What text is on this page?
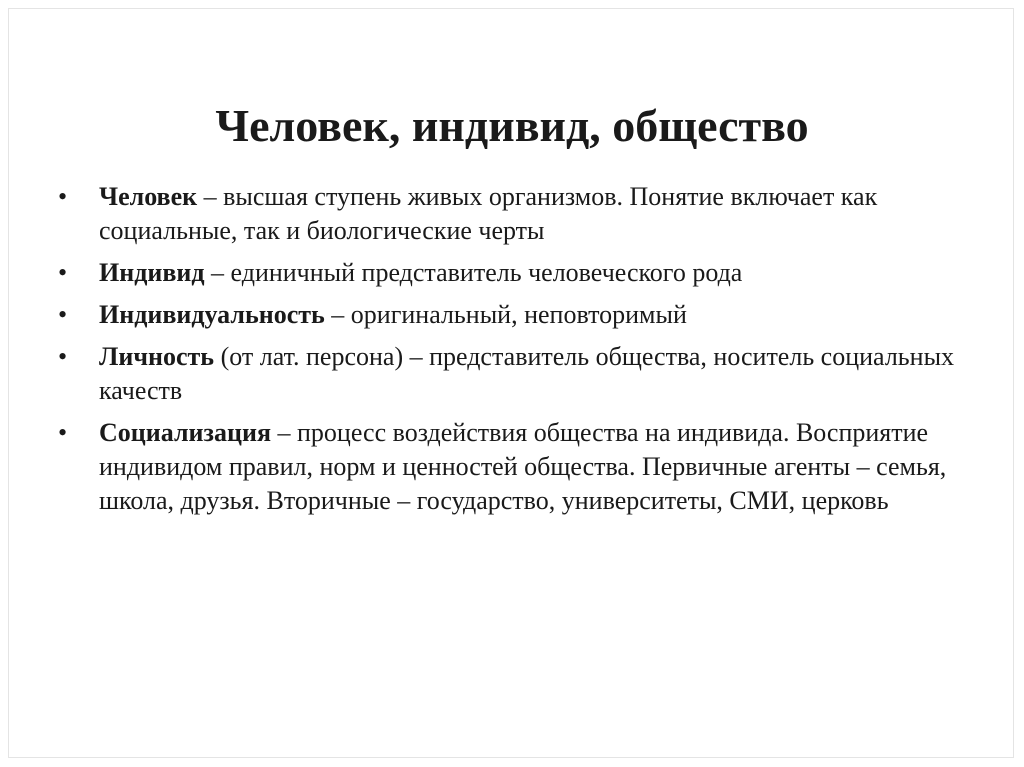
Человек, индивид, общество
• Человек – высшая ступень живых организмов. Понятие включает как социальные, так и биологические черты
• Индивид – единичный представитель человеческого рода
• Индивидуальность – оригинальный, неповторимый
• Личность (от лат. персона) – представитель общества, носитель социальных качеств
• Социализация – процесс воздействия общества на индивида. Восприятие индивидом правил, норм и ценностей общества. Первичные агенты – семья, школа, друзья. Вторичные – государство, университеты, СМИ, церковь
